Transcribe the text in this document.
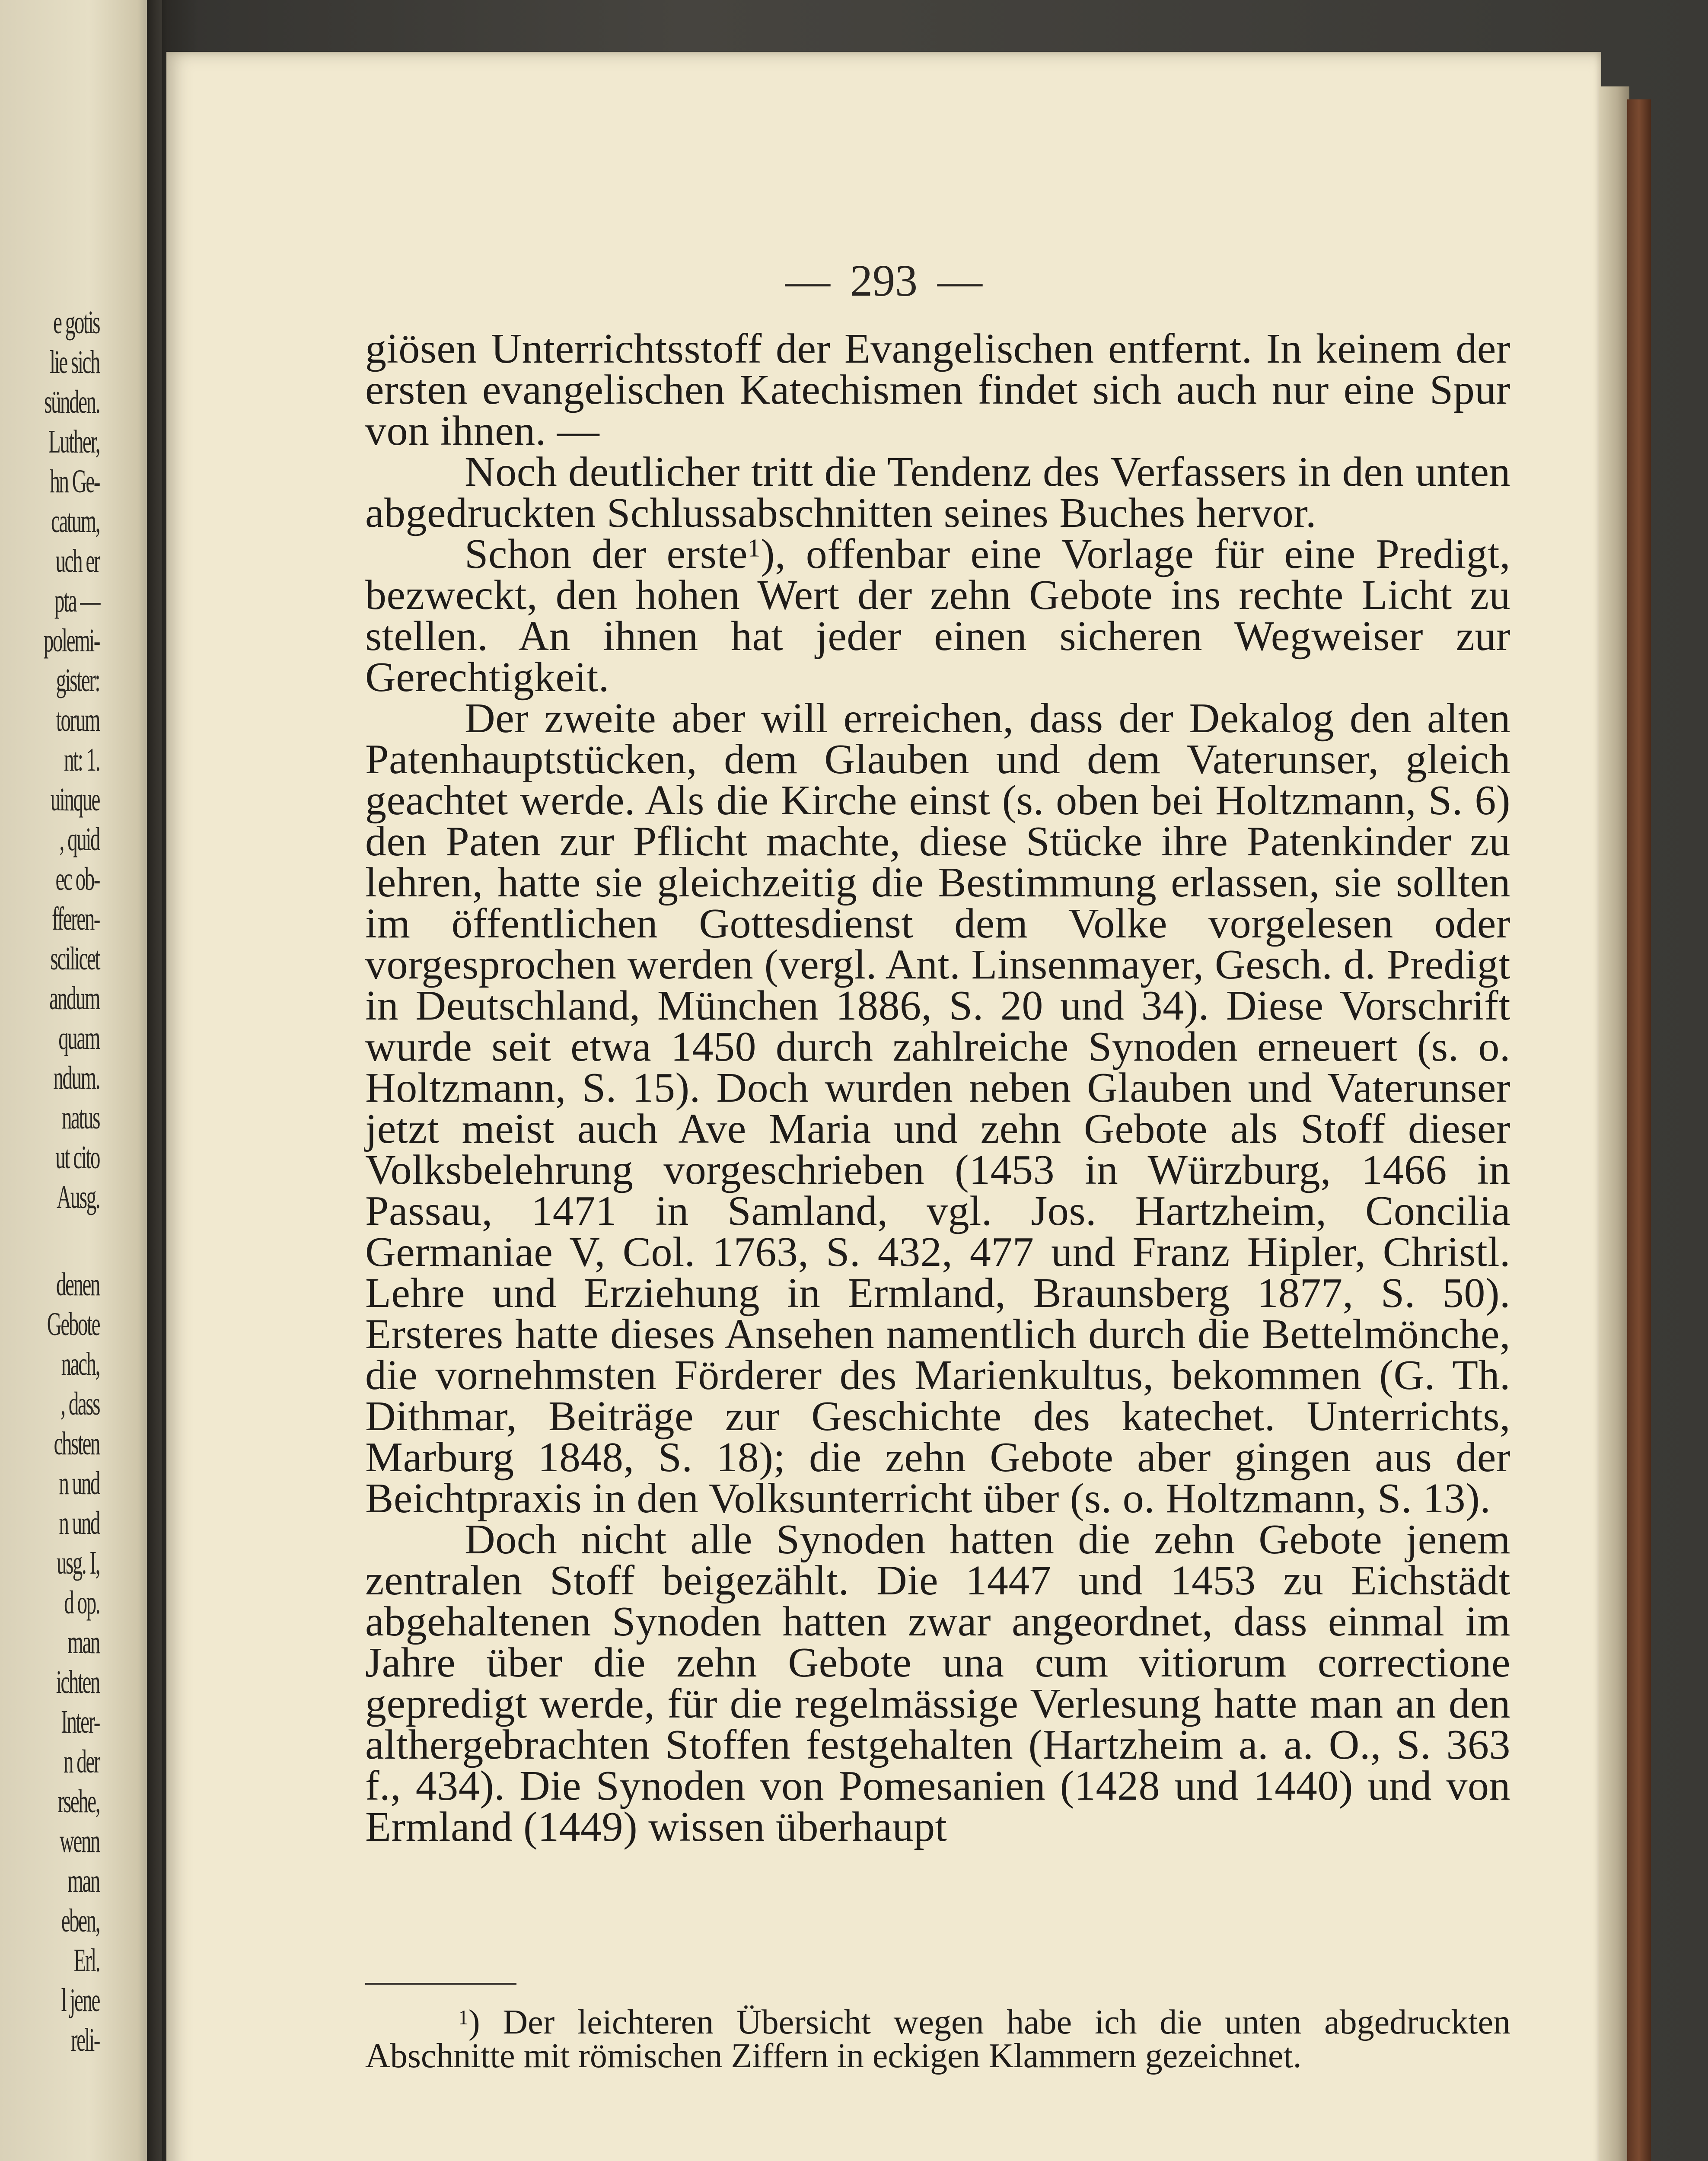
e gotis
lie sich
sünden.
Luther,
hn Ge-
catum,
uch er
pta —
polemi-
gister:
torum
nt: 1.
uinque
, quid
ec ob-
fferen-
scilicet
andum
quam
ndum.
natus
ut cito
Ausg.
denen
Gebote
nach,
, dass
chsten
n und
n und
usg. I,
d op.
man
ichten
Inter-
n der
rsehe,
wenn
man
eben,
Erl.
l jene
reli-
— 293 —

giösen Unterrichtsstoff der Evangelischen entfernt. In keinem der ersten evangelischen Katechismen findet sich auch nur eine Spur von ihnen. —

Noch deutlicher tritt die Tendenz des Verfassers in den unten abgedruckten Schlussabschnitten seines Buches hervor.

Schon der erste$^1$), offenbar eine Vorlage für eine Predigt, bezweckt, den hohen Wert der zehn Gebote ins rechte Licht zu stellen. An ihnen hat jeder einen sicheren Wegweiser zur Gerechtigkeit.

Der zweite aber will erreichen, dass der Dekalog den alten Patenhauptstücken, dem Glauben und dem Vaterunser, gleich geachtet werde. Als die Kirche einst (s. oben bei Holtzmann, S. 6) den Paten zur Pflicht machte, diese Stücke ihre Patenkinder zu lehren, hatte sie gleichzeitig die Bestimmung erlassen, sie sollten im öffentlichen Gottesdienst dem Volke vorgelesen oder vorgesprochen werden (vergl. Ant. Linsenmayer, Gesch. d. Predigt in Deutschland, München 1886, S. 20 und 34). Diese Vorschrift wurde seit etwa 1450 durch zahlreiche Synoden erneuert (s. o. Holtzmann, S. 15). Doch wurden neben Glauben und Vaterunser jetzt meist auch Ave Maria und zehn Gebote als Stoff dieser Volksbelehrung vorgeschrieben (1453 in Würzburg, 1466 in Passau, 1471 in Samland, vgl. Jos. Hartzheim, Concilia Germaniae V, Col. 1763, S. 432, 477 und Franz Hipler, Christl. Lehre und Erziehung in Ermland, Braunsberg 1877, S. 50). Ersteres hatte dieses Ansehen namentlich durch die Bettelmönche, die vornehmsten Förderer des Marienkultus, bekommen (G. Th. Dithmar, Beiträge zur Geschichte des katechet. Unterrichts, Marburg 1848, S. 18); die zehn Gebote aber gingen aus der Beichtpraxis in den Volksunterricht über (s. o. Holtzmann, S. 13).

Doch nicht alle Synoden hatten die zehn Gebote jenem zentralen Stoff beigezählt. Die 1447 und 1453 zu Eichstädt abgehaltenen Synoden hatten zwar angeordnet, dass einmal im Jahre über die zehn Gebote una cum vitiorum correctione gepredigt werde, für die regelmässige Verlesung hatte man an den althergebrachten Stoffen festgehalten (Hartzheim a. a. O., S. 363 f., 434). Die Synoden von Pomesanien (1428 und 1440) und von Ermland (1449) wissen überhaupt

$^1$) Der leichteren Übersicht wegen habe ich die unten abgedruckten Abschnitte mit römischen Ziffern in eckigen Klammern gezeichnet.
